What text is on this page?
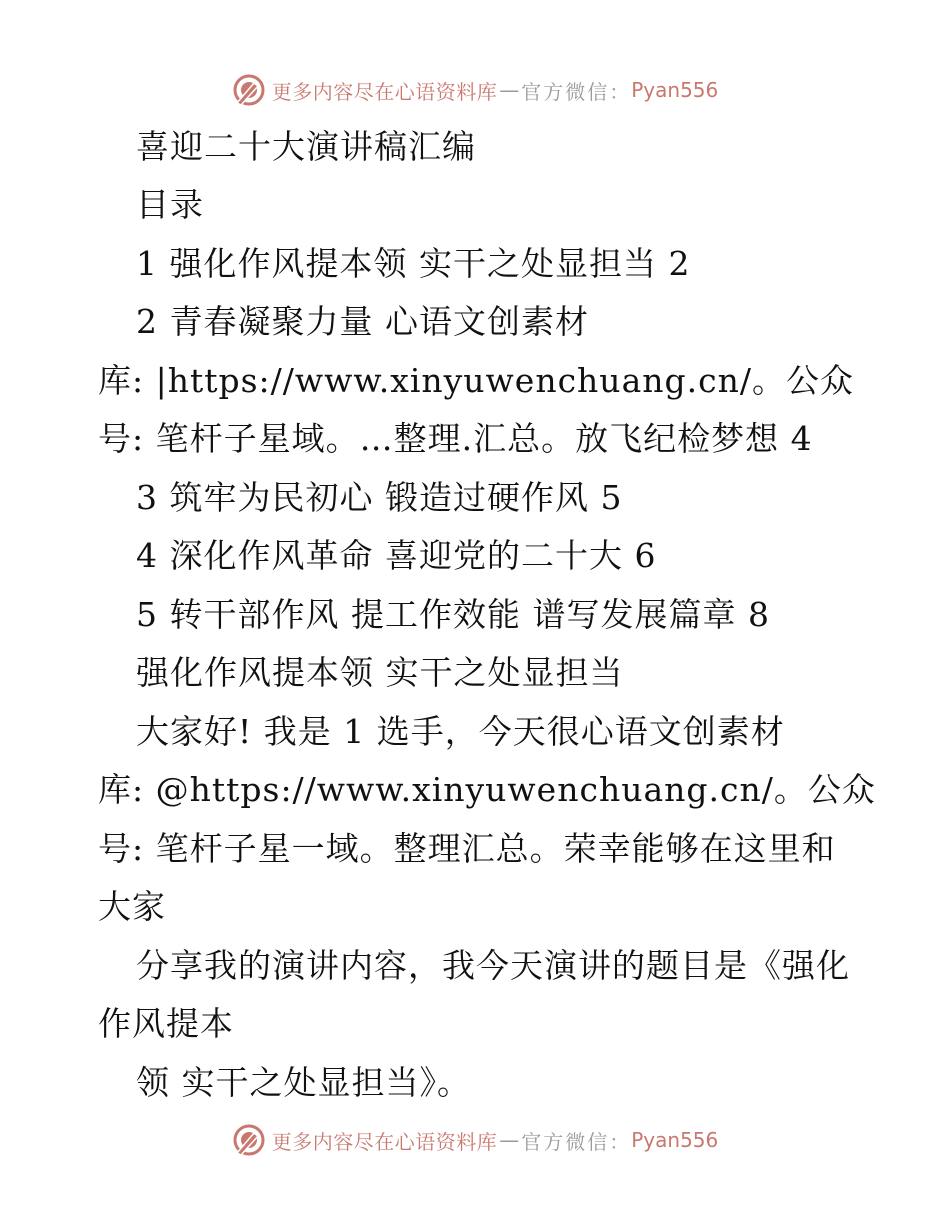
更多内容尽在心语资料库 — 官方微信： Pyan556
喜迎二十大演讲稿汇编
目录
1 强化作风提本领 实干之处显担当 2
2 青春凝聚力量 心语文创素材
库: |https://www.xinyuwenchuang.cn/。公众
号: 笔杆子星域。…整理.汇总。放飞纪检梦想 4
3 筑牢为民初心 锻造过硬作风 5
4 深化作风革命 喜迎党的二十大 6
5 转干部作风 提工作效能 谱写发展篇章 8
强化作风提本领 实干之处显担当
大家好! 我是 1 选手，今天很心语文创素材
库: @https://www.xinyuwenchuang.cn/。公众
号: 笔杆子星一域。整理汇总。荣幸能够在这里和
大家
分享我的演讲内容，我今天演讲的题目是《强化
作风提本
领 实干之处显担当》。
更多内容尽在心语资料库 — 官方微信： Pyan556
